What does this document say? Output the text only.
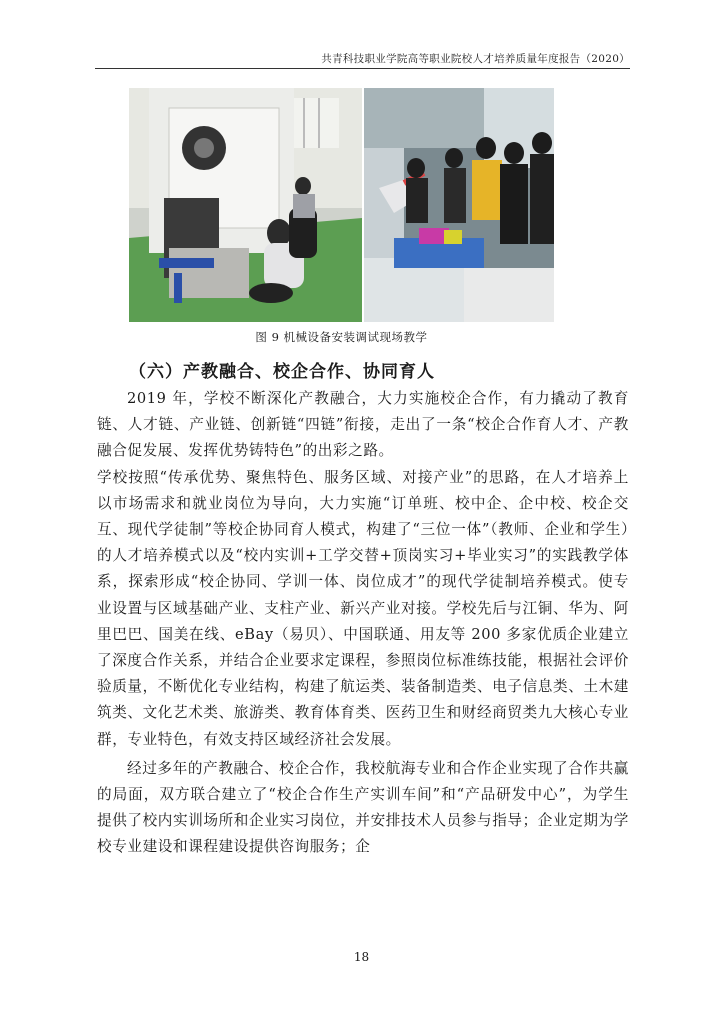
共青科技职业学院高等职业院校人才培养质量年度报告（2020）
图 9 机械设备安装调试现场教学
（六）产教融合、校企合作、协同育人

2019 年，学校不断深化产教融合，大力实施校企合作，有力撬动了教育链、人才链、产业链、创新链“四链”衔接，走出了一条“校企合作育人才、产教融合促发展、发挥优势铸特色”的出彩之路。

学校按照“传承优势、聚焦特色、服务区域、对接产业”的思路，在人才培养上以市场需求和就业岗位为导向，大力实施“订单班、校中企、企中校、校企交互、现代学徒制”等校企协同育人模式，构建了“三位一体”（教师、企业和学生）的人才培养模式以及“校内实训+工学交替+顶岗实习+毕业实习”的实践教学体系，探索形成“校企协同、学训一体、岗位成才”的现代学徒制培养模式。使专业设置与区域基础产业、支柱产业、新兴产业对接。学校先后与江铜、华为、阿里巴巴、国美在线、eBay（易贝）、中国联通、用友等 200 多家优质企业建立了深度合作关系，并结合企业要求定课程，参照岗位标准练技能，根据社会评价验质量，不断优化专业结构，构建了航运类、装备制造类、电子信息类、土木建筑类、文化艺术类、旅游类、教育体育类、医药卫生和财经商贸类九大核心专业群，专业特色，有效支持区域经济社会发展。

经过多年的产教融合、校企合作，我校航海专业和合作企业实现了合作共赢的局面，双方联合建立了“校企合作生产实训车间”和“产品研发中心”，为学生提供了校内实训场所和企业实习岗位，并安排技术人员参与指导；企业定期为学校专业建设和课程建设提供咨询服务；企

18
